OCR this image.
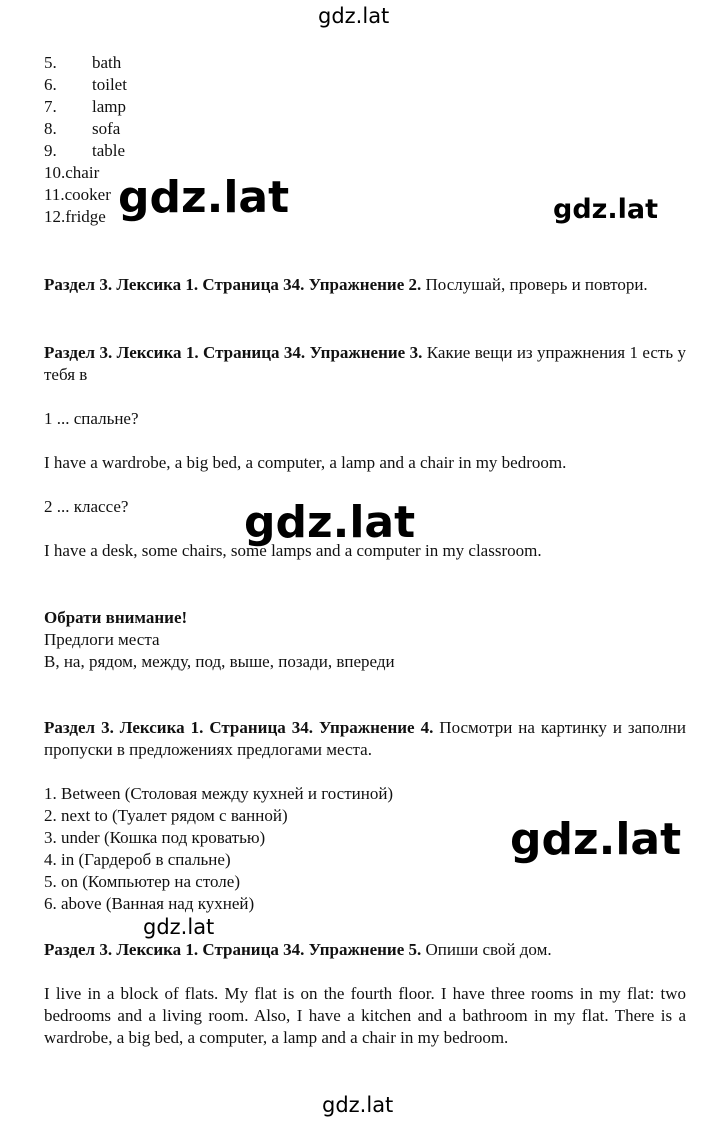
gdz.lat
5. bath
6. toilet
7. lamp
8. sofa
9. table
10.chair
11.cooker
12.fridge gdz.lat	gdz.lat
Раздел 3. Лексика 1. Страница 34. Упражнение 2. Послушай, проверь и повтори.
Раздел 3. Лексика 1. Страница 34. Упражнение 3. Какие вещи из упражнения 1 есть у тебя в
1 ... спальне?
I have a wardrobe, a big bed, a computer, a lamp and a chair in my bedroom.
2 ... классе?
I have a desk, some chairs, some lamps and a computer in my classroom.
gdz.lat
Обрати внимание!
Предлоги места
В, на, рядом, между, под, выше, позади, впереди
Раздел 3. Лексика 1. Страница 34. Упражнение 4. Посмотри на картинку и заполни пропуски в предложениях предлогами места.
1. Between (Столовая между кухней и гостиной)
2. next to (Туалет рядом с ванной)
3. under (Кошка под кроватью)
4. in (Гардероб в спальне)
5. on (Компьютер на столе)
6. above (Ванная над кухней)
gdz.lat
gdz.lat
Раздел 3. Лексика 1. Страница 34. Упражнение 5. Опиши свой дом.
I live in a block of flats. My flat is on the fourth floor. I have three rooms in my flat: two bedrooms and a living room. Also, I have a kitchen and a bathroom in my flat. There is a wardrobe, a big bed, a computer, a lamp and a chair in my bedroom.
gdz.lat
